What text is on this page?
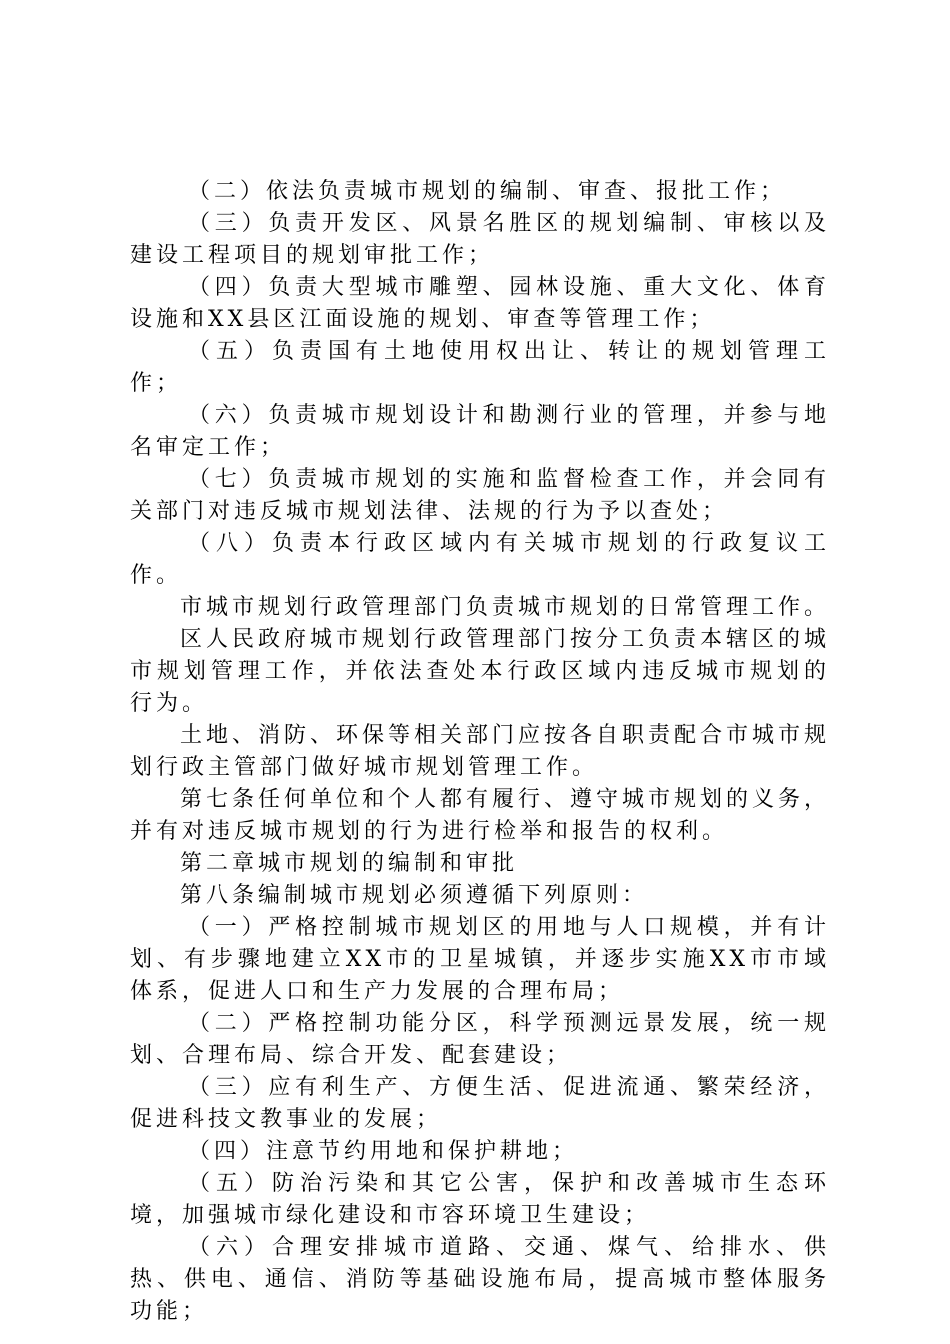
（二）依法负责城市规划的编制、审查、报批工作；

（三）负责开发区、风景名胜区的规划编制、审核以及建设工程项目的规划审批工作；

（四）负责大型城市雕塑、园林设施、重大文化、体育设施和XX县区江面设施的规划、审查等管理工作；

（五）负责国有土地使用权出让、转让的规划管理工作；

（六）负责城市规划设计和勘测行业的管理，并参与地名审定工作；

（七）负责城市规划的实施和监督检查工作，并会同有关部门对违反城市规划法律、法规的行为予以查处；

（八）负责本行政区域内有关城市规划的行政复议工作。

市城市规划行政管理部门负责城市规划的日常管理工作。

区人民政府城市规划行政管理部门按分工负责本辖区的城市规划管理工作，并依法查处本行政区域内违反城市规划的行为。

土地、消防、环保等相关部门应按各自职责配合市城市规划行政主管部门做好城市规划管理工作。

第七条任何单位和个人都有履行、遵守城市规划的义务，并有对违反城市规划的行为进行检举和报告的权利。

第二章城市规划的编制和审批

第八条编制城市规划必须遵循下列原则：

（一）严格控制城市规划区的用地与人口规模，并有计划、有步骤地建立XX市的卫星城镇，并逐步实施XX市市域体系，促进人口和生产力发展的合理布局；

（二）严格控制功能分区，科学预测远景发展，统一规划、合理布局、综合开发、配套建设；

（三）应有利生产、方便生活、促进流通、繁荣经济，促进科技文教事业的发展；

（四）注意节约用地和保护耕地；

（五）防治污染和其它公害，保护和改善城市生态环境，加强城市绿化建设和市容环境卫生建设；

（六）合理安排城市道路、交通、煤气、给排水、供热、供电、通信、消防等基础设施布局，提高城市整体服务功能；
